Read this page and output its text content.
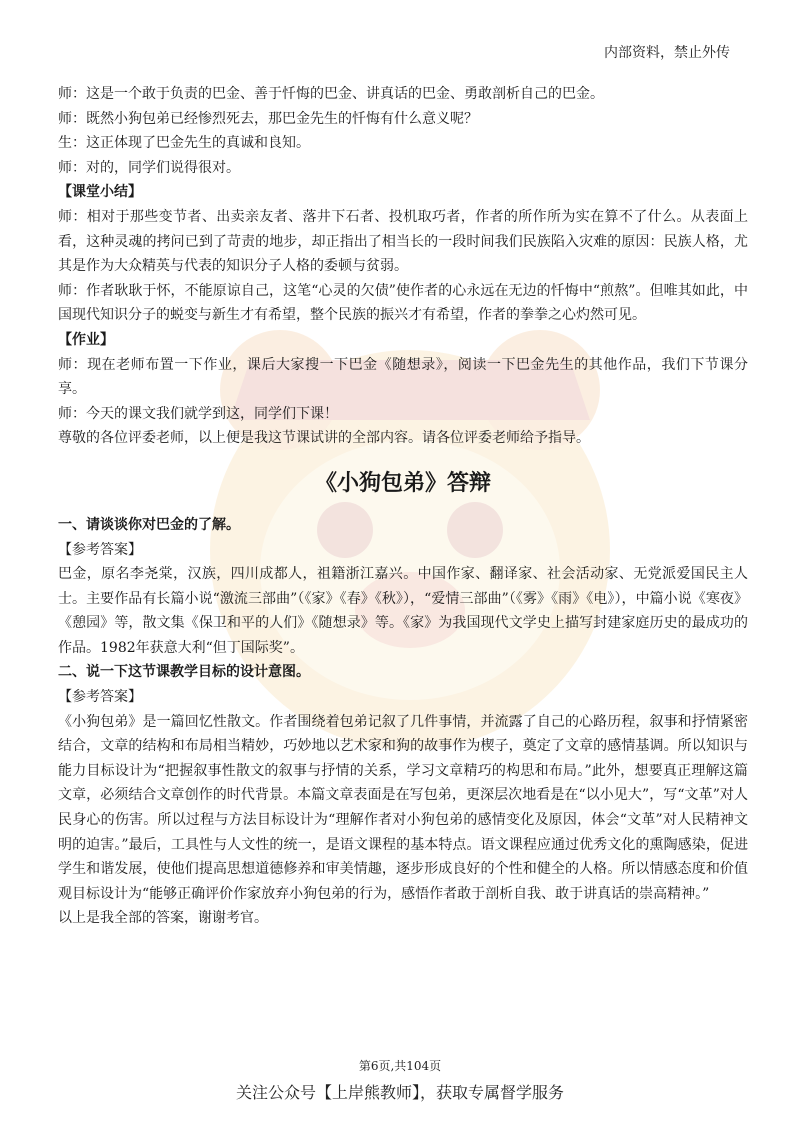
内部资料，禁止外传

师：这是一个敢于负责的巴金、善于忏悔的巴金、讲真话的巴金、勇敢剖析自己的巴金。

师：既然小狗包弟已经惨烈死去，那巴金先生的忏悔有什么意义呢？

生：这正体现了巴金先生的真诚和良知。

师：对的，同学们说得很对。

【课堂小结】

师：相对于那些变节者、出卖亲友者、落井下石者、投机取巧者，作者的所作所为实在算不了什么。从表面上看，这种灵魂的拷问已到了苛责的地步，却正指出了相当长的一段时间我们民族陷入灾难的原因：民族人格，尤其是作为大众精英与代表的知识分子人格的委顿与贫弱。

师：作者耿耿于怀，不能原谅自己，这笔“心灵的欠债”使作者的心永远在无边的忏悔中“煎熬”。但唯其如此，中国现代知识分子的蜕变与新生才有希望，整个民族的振兴才有希望，作者的拳拳之心灼然可见。

【作业】

师：现在老师布置一下作业，课后大家搜一下巴金《随想录》，阅读一下巴金先生的其他作品，我们下节课分享。

师：今天的课文我们就学到这，同学们下课！

尊敬的各位评委老师，以上便是我这节课试讲的全部内容。请各位评委老师给予指导。

《小狗包弟》答辩

一、请谈谈你对巴金的了解。

【参考答案】

巴金，原名李尧棠，汉族，四川成都人，祖籍浙江嘉兴。中国作家、翻译家、社会活动家、无党派爱国民主人士。主要作品有长篇小说“激流三部曲”（《家》《春》《秋》），“爱情三部曲”（《雾》《雨》《电》），中篇小说《寒夜》《憩园》等，散文集《保卫和平的人们》《随想录》等。《家》为我国现代文学史上描写封建家庭历史的最成功的作品。1982年获意大利“但丁国际奖”。

二、说一下这节课教学目标的设计意图。

【参考答案】

《小狗包弟》是一篇回忆性散文。作者围绕着包弟记叙了几件事情，并流露了自己的心路历程，叙事和抒情紧密结合，文章的结构和布局相当精妙，巧妙地以艺术家和狗的故事作为楔子，奠定了文章的感情基调。所以知识与能力目标设计为“把握叙事性散文的叙事与抒情的关系，学习文章精巧的构思和布局。”此外，想要真正理解这篇文章，必须结合文章创作的时代背景。本篇文章表面是在写包弟，更深层次地看是在“以小见大”，写“文革”对人民身心的伤害。所以过程与方法目标设计为“理解作者对小狗包弟的感情变化及原因，体会“文革”对人民精神文明的迫害。”最后，工具性与人文性的统一，是语文课程的基本特点。语文课程应通过优秀文化的熏陶感染，促进学生和谐发展，使他们提高思想道德修养和审美情趣，逐步形成良好的个性和健全的人格。所以情感态度和价值观目标设计为“能够正确评价作家放弃小狗包弟的行为，感悟作者敢于剖析自我、敢于讲真话的崇高精神。”

以上是我全部的答案，谢谢考官。

第6页,共104页
关注公众号【上岸熊教师】，获取专属督学服务
